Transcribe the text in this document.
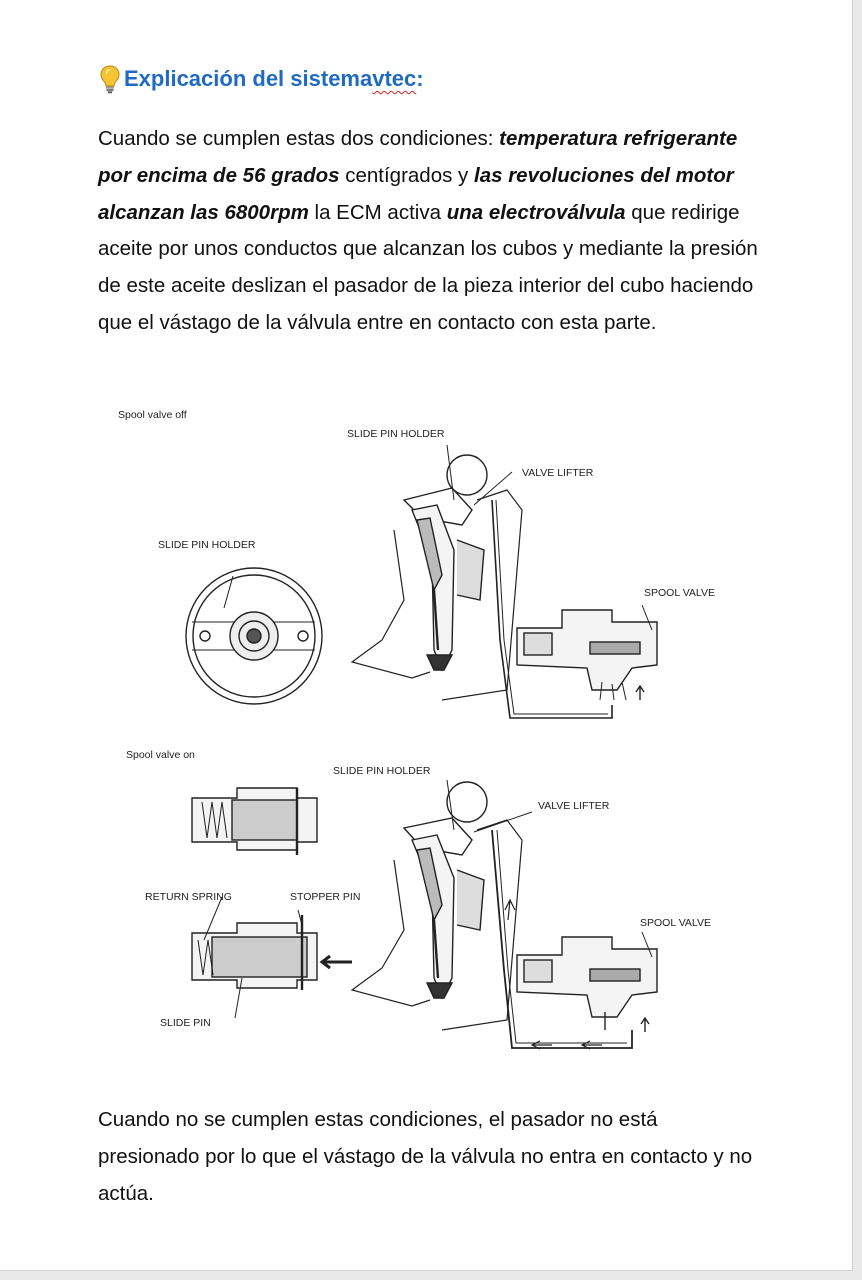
Explicación del sistema vtec :

Cuando se cumplen estas dos condiciones: temperatura refrigerante por encima de 56 grados centígrados y las revoluciones del motor alcanzan las 6800rpm la ECM activa una electroválvula que redirige aceite por unos conductos que alcanzan los cubos y mediante la presión de este aceite deslizan el pasador de la pieza interior del cubo haciendo que el vástago de la válvula entre en contacto con esta parte.

Spool valve off
SLIDE PIN HOLDER
VALVE LIFTER
SLIDE PIN HOLDER
SPOOL VALVE
Spool valve on
SLIDE PIN HOLDER
VALVE LIFTER
RETURN SPRING	STOPPER PIN
SPOOL VALVE
SLIDE PIN

Cuando no se cumplen estas condiciones, el pasador no está presionado por lo que el vástago de la válvula no entra en contacto y no actúa.
